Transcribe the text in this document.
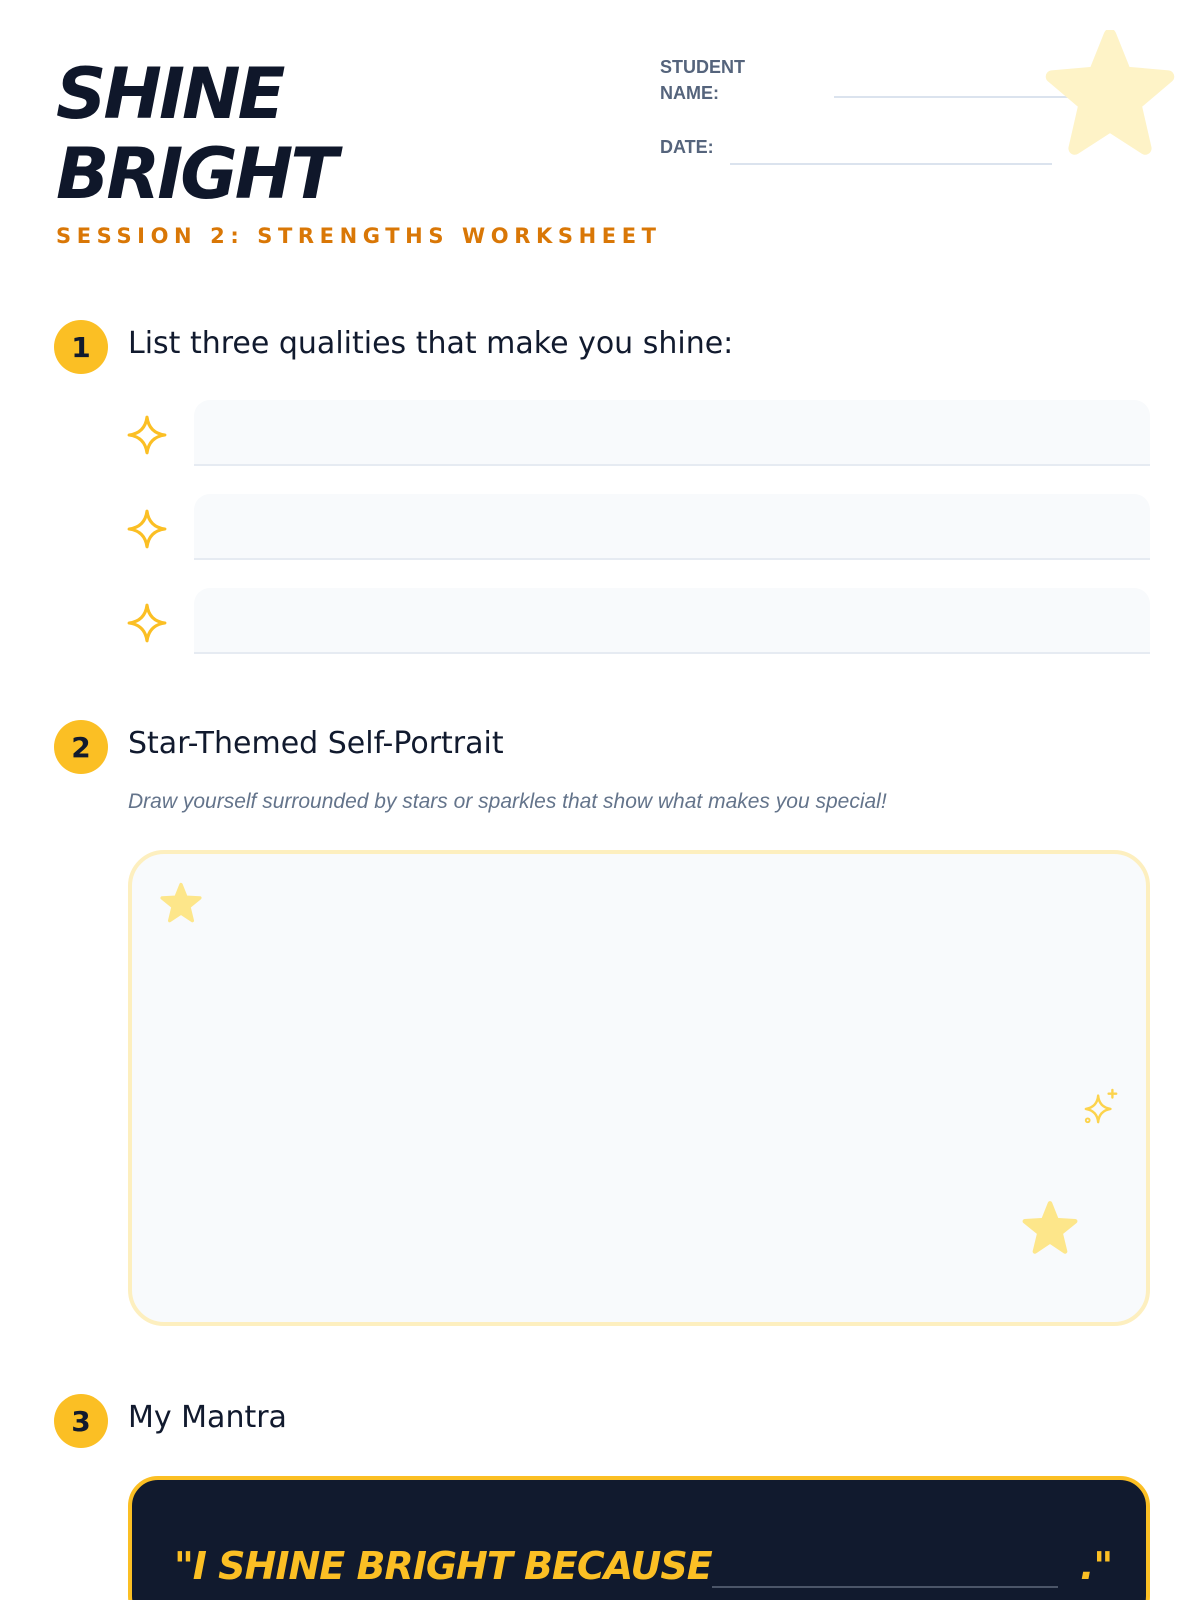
SHINE
BRIGHT
SESSION 2: STRENGTHS WORKSHEET
STUDENT NAME:
DATE:
1	List three qualities that make you shine:
2	Star-Themed Self-Portrait
Draw yourself surrounded by stars or sparkles that show what makes you special!
3	My Mantra
"I SHINE BRIGHT BECAUSE	."
